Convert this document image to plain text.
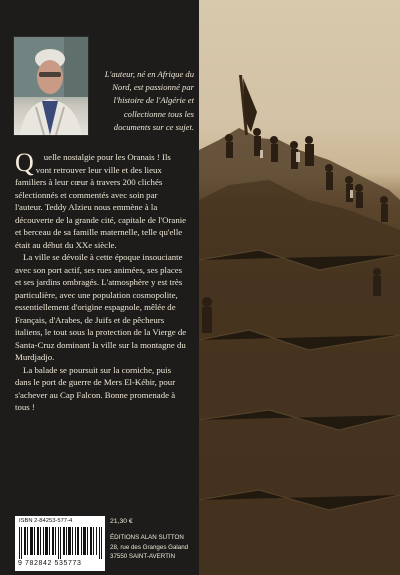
L'auteur, né en Afrique du Nord, est passionné par l'histoire de l'Algérie et collectionne tous les documents sur ce sujet.

Q uelle nostalgie pour les Oranais ! Ils vont retrouver leur ville et des lieux familiers à leur cœur à travers 200 clichés sélectionnés et commentés avec soin par l'auteur. Teddy Alzieu nous emmène à la découverte de la grande cité, capitale de l'Oranie et berceau de sa famille maternelle, telle qu'elle était au début du XXe siècle.

La ville se dévoile à cette époque insouciante avec son port actif, ses rues animées, ses places et ses jardins ombragés. L'atmosphère y est très particulière, avec une population cosmopolite, essentiellement d'origine espagnole, mêlée de Français, d'Arabes, de Juifs et de pêcheurs italiens, le tout sous la protection de la Vierge de Santa-Cruz dominant la ville sur la montagne du Murdjadjo.

La balade se poursuit sur la corniche, puis dans le port de guerre de Mers El-Kébir, pour s'achever au Cap Falcon. Bonne promenade à tous !

ISBN 2-84253-577-4

9 782842 535773

21,30 €

ÉDITIONS ALAN SUTTON
28, rue des Granges Galand
37550 SAINT-AVERTIN
